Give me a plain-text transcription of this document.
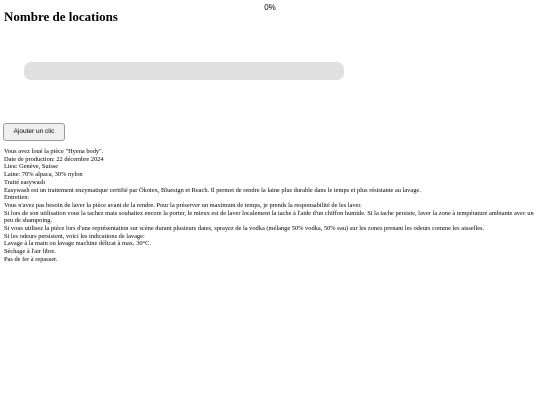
0%
Nombre de locations
Ajouter un clic
Vous avez loué la pièce "Hyena body".
Date de production: 22 décembre 2024
Lieu: Genève, Suisse
Laine: 70% alpaca, 30% nylon
Traité easywash
Easywash est un traitement enzymatique certifié par Ökotex, Bluesign et Reach. Il permet de rendre la laine plus durable dans le temps et plus résistante au lavage.
Entretien:
Vous n'avez pas besoin de laver la pièce avant de la rendre. Pour la préserver un maximum de temps, je prends la responsabilité de les laver.
Si lors de son utilisation vous la tachez mais souhaitez encore la porter, le mieux est de laver localement la tache à l'aide d'un chiffon humide. Si la tache persiste, laver la zone à température ambiante avec un peu de shampoing.
Si vous utilisez la pièce lors d'une représentation sur scène durant plusieurs dates, sprayez de la vodka (mélange 50% vodka, 50% eau) sur les zones prenant les odeurs comme les aisselles.
Si les odeurs persistent, voici les indications de lavage:
Lavage à la main ou lavage machine délicat à max. 30°C.
Séchage à l'air libre.
Pas de fer à repasser.
